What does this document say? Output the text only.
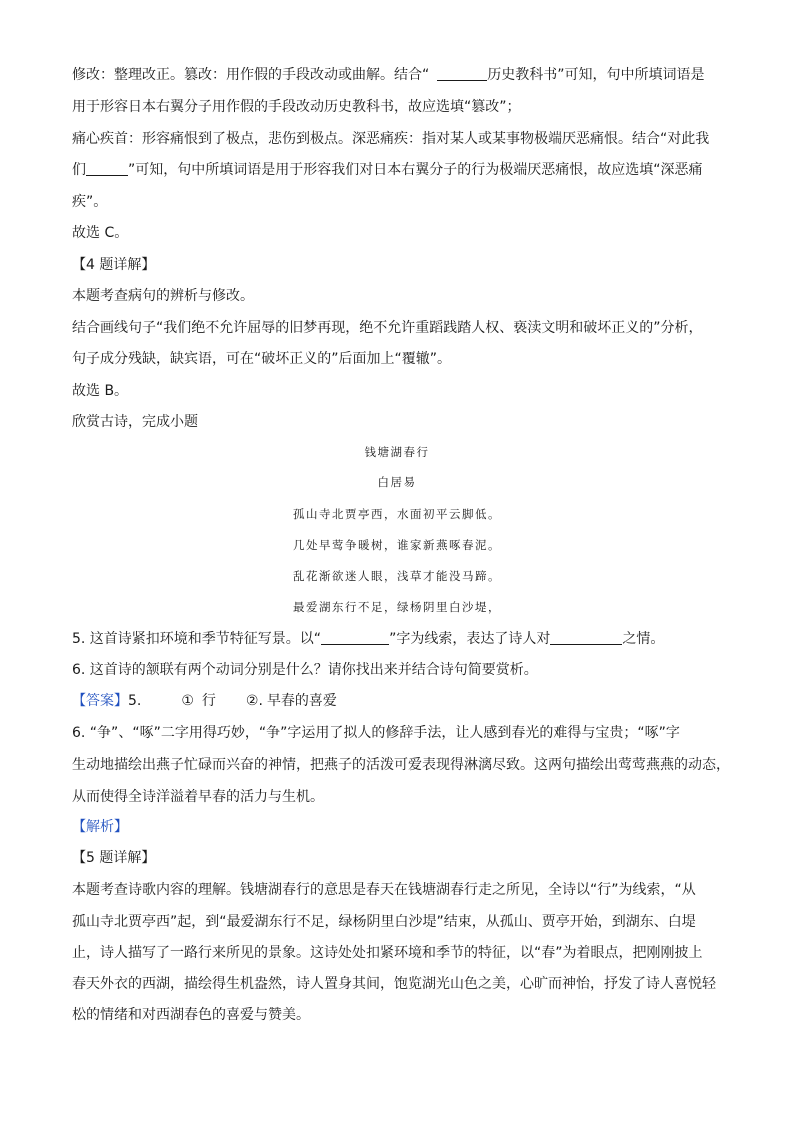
修改：整理改正。篡改：用作假的手段改动或曲解。结合“	历史教科书”可知，句中所填词语是
用于形容日本右翼分子用作假的手段改动历史教科书，故应选填“篡改”；
痛心疾首：形容痛恨到了极点，悲伤到极点。深恶痛疾：指对某人或某事物极端厌恶痛恨。结合“对此我
们	”可知，句中所填词语是用于形容我们对日本右翼分子的行为极端厌恶痛恨，故应选填“深恶痛
疾”。
故选 C。
【4 题详解】
本题考查病句的辨析与修改。
结合画线句子“我们绝不允许屈辱的旧梦再现，绝不允许重蹈践踏人权、亵渎文明和破坏正义的”分析，
句子成分残缺，缺宾语，可在“破坏正义的”后面加上“覆辙”。
故选 B。
欣赏古诗，完成小题
钱塘湖春行
白居易
孤山寺北贾亭西，水面初平云脚低。
几处早莺争暖树，谁家新燕啄春泥。
乱花渐欲迷人眼，浅草才能没马蹄。
最爱湖东行不足，绿杨阴里白沙堤，
5. 这首诗紧扣环境和季节特征写景。以“	”字为线索，表达了诗人对	之情。
6. 这首诗的颔联有两个动词分别是什么？请你找出来并结合诗句简要赏析。
【答案】5.	① 行 ②. 早春的喜爱
6. “争”、“啄”二字用得巧妙，“争”字运用了拟人的修辞手法，让人感到春光的难得与宝贵；“啄”字
生动地描绘出燕子忙碌而兴奋的神情，把燕子的活泼可爱表现得淋漓尽致。这两句描绘出莺莺燕燕的动态，
从而使得全诗洋溢着早春的活力与生机。
【解析】
【5 题详解】
本题考查诗歌内容的理解。钱塘湖春行的意思是春天在钱塘湖春行走之所见，全诗以“行”为线索，“从
孤山寺北贾亭西”起，到“最爱湖东行不足，绿杨阴里白沙堤”结束，从孤山、贾亭开始，到湖东、白堤
止，诗人描写了一路行来所见的景象。这诗处处扣紧环境和季节的特征，以“春”为着眼点，把刚刚披上
春天外衣的西湖，描绘得生机盎然，诗人置身其间，饱览湖光山色之美，心旷而神怡，抒发了诗人喜悦轻
松的情绪和对西湖春色的喜爱与赞美。
